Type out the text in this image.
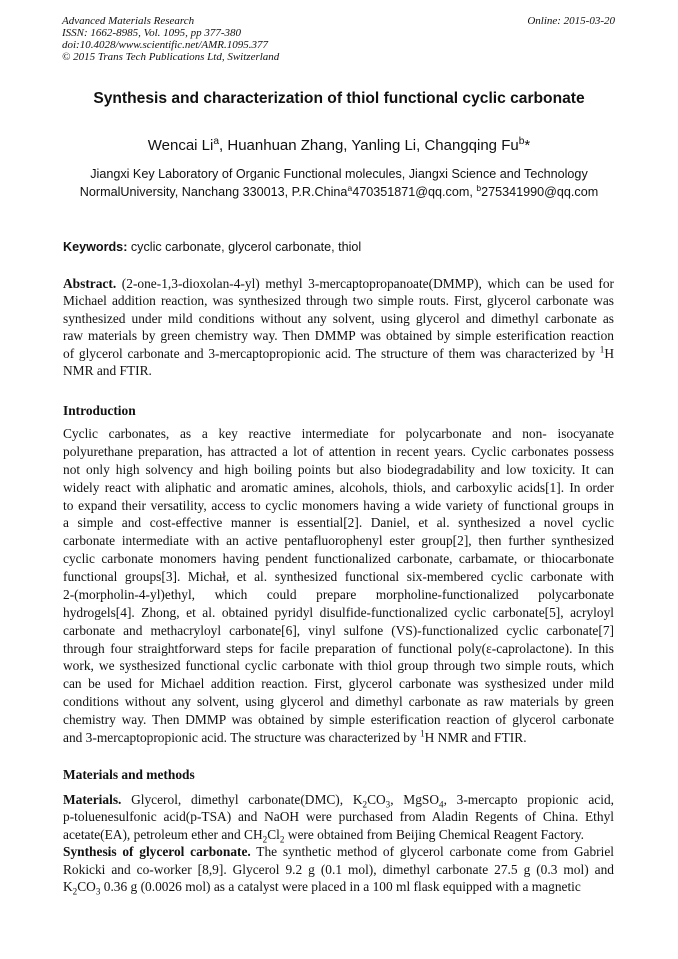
Advanced Materials Research
ISSN: 1662-8985, Vol. 1095, pp 377-380
doi:10.4028/www.scientific.net/AMR.1095.377
© 2015 Trans Tech Publications Ltd, Switzerland
Online: 2015-03-20
Synthesis and characterization of thiol functional cyclic carbonate
Wencai Li$^a$, Huanhuan Zhang, Yanling Li, Changqing Fu$^b$*
Jiangxi Key Laboratory of Organic Functional molecules, Jiangxi Science and Technology NormalUniversity, Nanchang 330013, P.R.China$^a$470351871@qq.com, $^b$275341990@qq.com
Keywords: cyclic carbonate, glycerol carbonate, thiol
Abstract. (2-one-1,3-dioxolan-4-yl) methyl 3-mercaptopropanoate(DMMP), which can be used for
Michael addition reaction, was synthesized through two simple routs. First, glycerol carbonate was
synthesized under mild conditions without any solvent, using glycerol and dimethyl carbonate as
raw materials by green chemistry way. Then DMMP was obtained by simple esterification reaction
of glycerol carbonate and 3-mercaptopropionic acid. The structure of them was characterized by $^1$H
NMR and FTIR.
Introduction
Cyclic carbonates, as a key reactive intermediate for polycarbonate and non- isocyanate
polyurethane preparation, has attracted a lot of attention in recent years. Cyclic carbonates possess
not only high solvency and high boiling points but also biodegradability and low toxicity. It can
widely react with aliphatic and aromatic amines, alcohols, thiols, and carboxylic acids[1]. In order
to expand their versatility, access to cyclic monomers having a wide variety of functional groups in
a simple and cost-effective manner is essential[2]. Daniel, et al. synthesized a novel cyclic
carbonate intermediate with an active pentafluorophenyl ester group[2], then further synthesized
cyclic carbonate monomers having pendent functionalized carbonate, carbamate, or thiocarbonate
functional groups[3]. Michał, et al. synthesized functional six-membered cyclic carbonate with
2-(morpholin-4-yl)ethyl, which could prepare morpholine-functionalized polycarbonate
hydrogels[4]. Zhong, et al. obtained pyridyl disulfide-functionalized cyclic carbonate[5], acryloyl
carbonate and methacryloyl carbonate[6], vinyl sulfone (VS)-functionalized cyclic carbonate[7]
through four straightforward steps for facile preparation of functional poly(ε-caprolactone). In this
work, we systhesized functional cyclic carbonate with thiol group through two simple routs, which
can be used for Michael addition reaction. First, glycerol carbonate was systhesized under mild
conditions without any solvent, using glycerol and dimethyl carbonate as raw materials by green
chemistry way. Then DMMP was obtained by simple esterification reaction of glycerol carbonate
and 3-mercaptopropionic acid. The structure was characterized by $^1$H NMR and FTIR.
Materials and methods
Materials. Glycerol, dimethyl carbonate(DMC), $K_2CO_3$, MgSO$_4$, 3-mercapto propionic acid,
p-toluenesulfonic acid(p-TSA) and NaOH were purchased from Aladin Regents of China. Ethyl
acetate(EA), petroleum ether and $CH_2Cl_2$ were obtained from Beijing Chemical Reagent Factory.
Synthesis of glycerol carbonate. The synthetic method of glycerol carbonate come from Gabriel
Rokicki and co-worker [8,9]. Glycerol 9.2 g (0.1 mol), dimethyl carbonate 27.5 g (0.3 mol) and
$K_2CO_3$ 0.36 g (0.0026 mol) as a catalyst were placed in a 100 ml flask equipped with a magnetic
